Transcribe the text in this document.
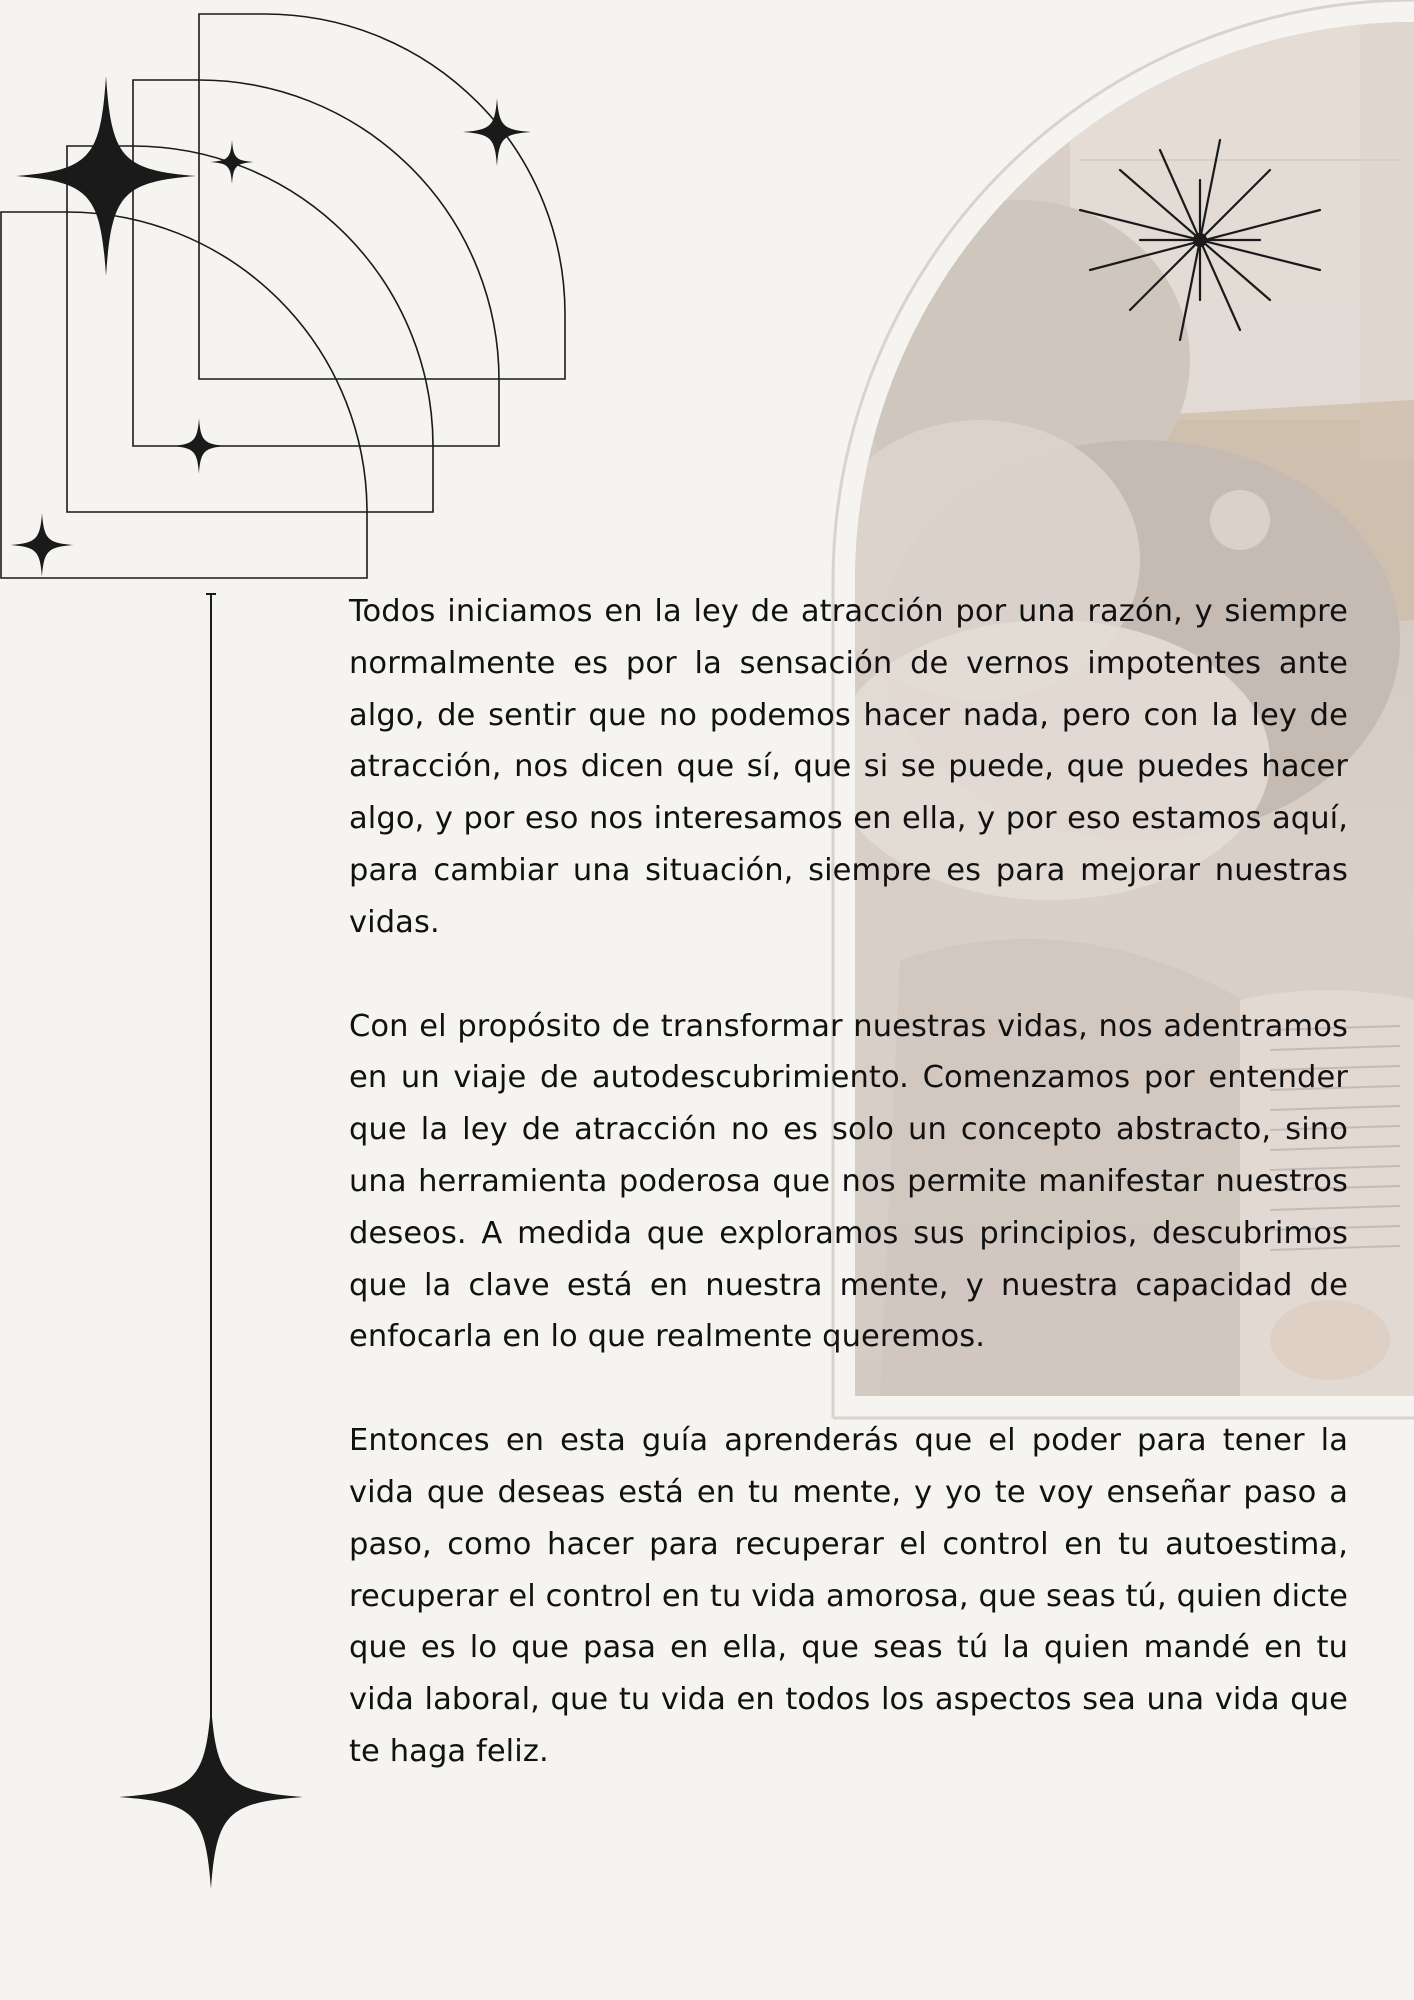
Todos iniciamos en la ley de atracción por una razón, y siempre normalmente es por la sensación de vernos impotentes ante algo, de sentir que no podemos hacer nada, pero con la ley de atracción, nos dicen que sí, que si se puede, que puedes hacer algo, y por eso nos interesamos en ella, y por eso estamos aquí, para cambiar una situación, siempre es para mejorar nuestras vidas.

Con el propósito de transformar nuestras vidas, nos adentramos en un viaje de autodescubrimiento. Comenzamos por entender que la ley de atracción no es solo un concepto abstracto, sino una herramienta poderosa que nos permite manifestar nuestros deseos. A medida que exploramos sus principios, descubrimos que la clave está en nuestra mente, y nuestra capacidad de enfocarla en lo que realmente queremos.

Entonces en esta guía aprenderás que el poder para tener la vida que deseas está en tu mente, y yo te voy enseñar paso a paso, como hacer para recuperar el control en tu autoestima, recuperar el control en tu vida amorosa, que seas tú, quien dicte que es lo que pasa en ella, que seas tú la quien mandé en tu vida laboral, que tu vida en todos los aspectos sea una vida que te haga feliz.
